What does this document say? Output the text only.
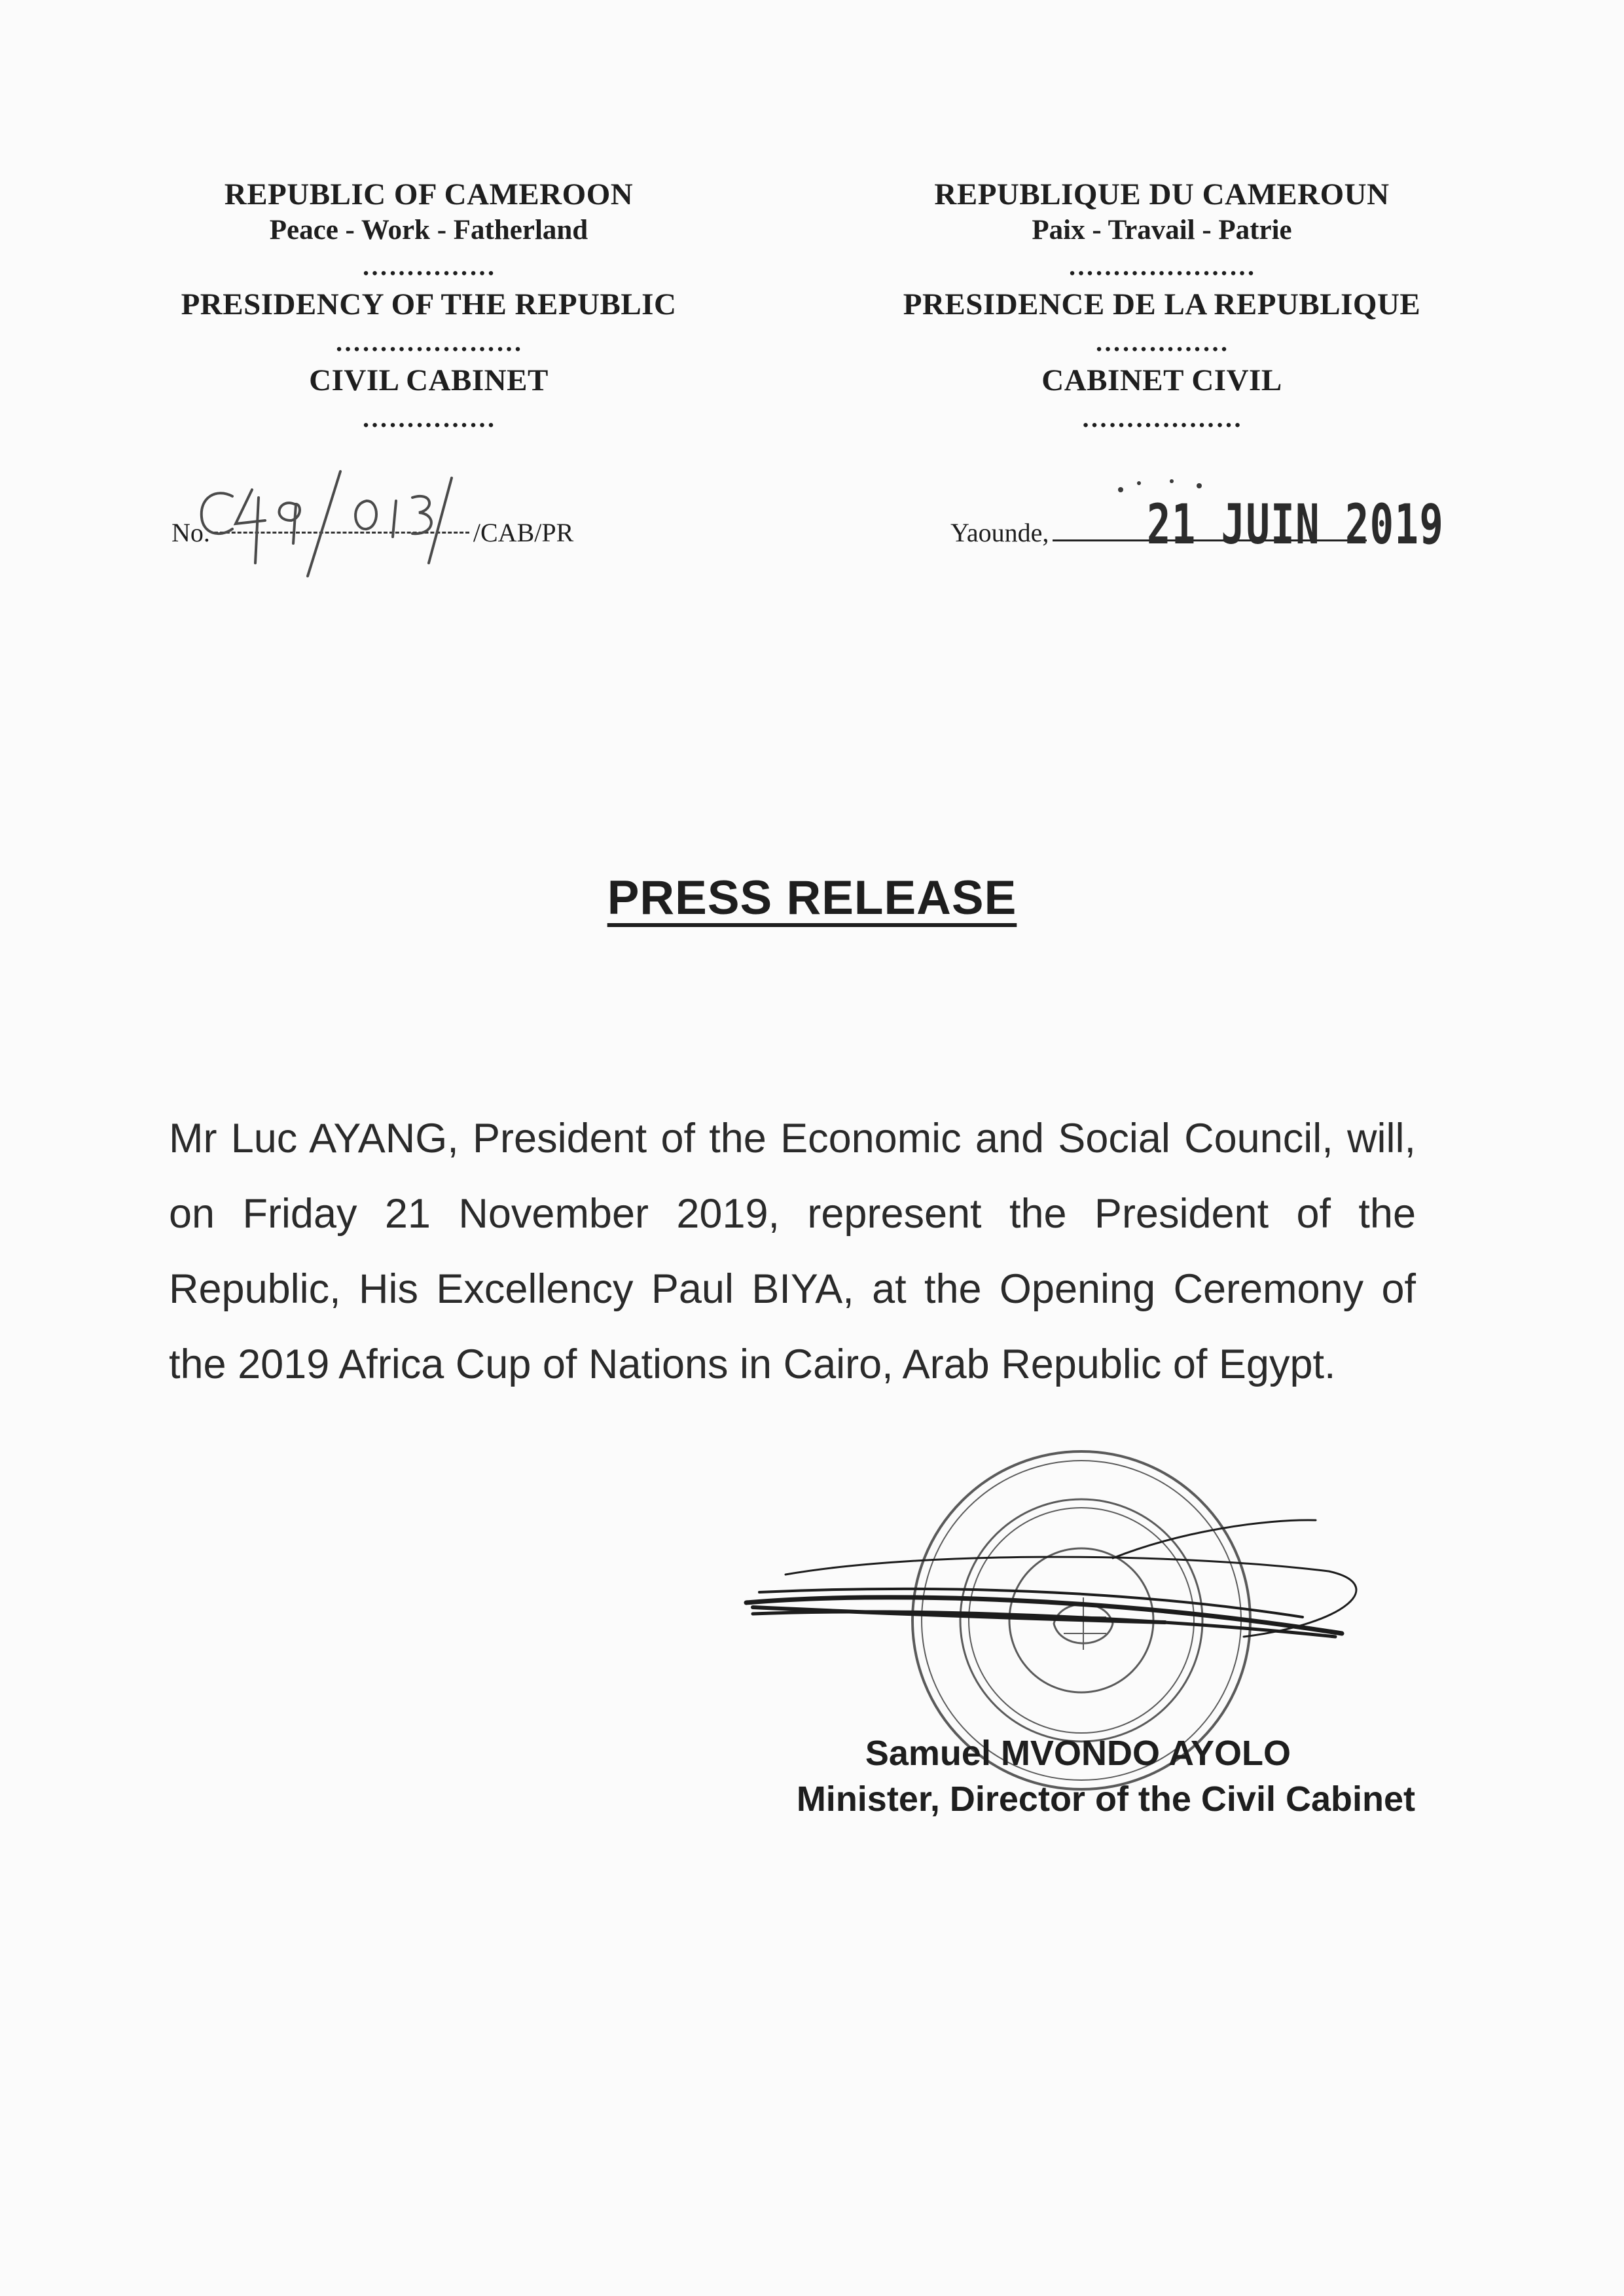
REPUBLIC OF CAMEROON
Peace - Work - Fatherland
……………
PRESIDENCY OF THE REPUBLIC
…………………
CIVIL CABINET
……………
REPUBLIQUE DU CAMEROUN
Paix - Travail - Patrie
…………………
PRESIDENCE DE LA REPUBLIQUE
……………
CABINET CIVIL
………………
No.	/CAB/PR	Yaounde,	21 JUIN 2019
PRESS RELEASE
Mr Luc AYANG, President of the Economic and Social Council, will, on Friday 21 November 2019, represent the President of the Republic, His Excellency Paul BIYA, at the Opening Ceremony of the 2019 Africa Cup of Nations in Cairo, Arab Republic of Egypt.
Samuel MVONDO AYOLO
Minister, Director of the Civil Cabinet
